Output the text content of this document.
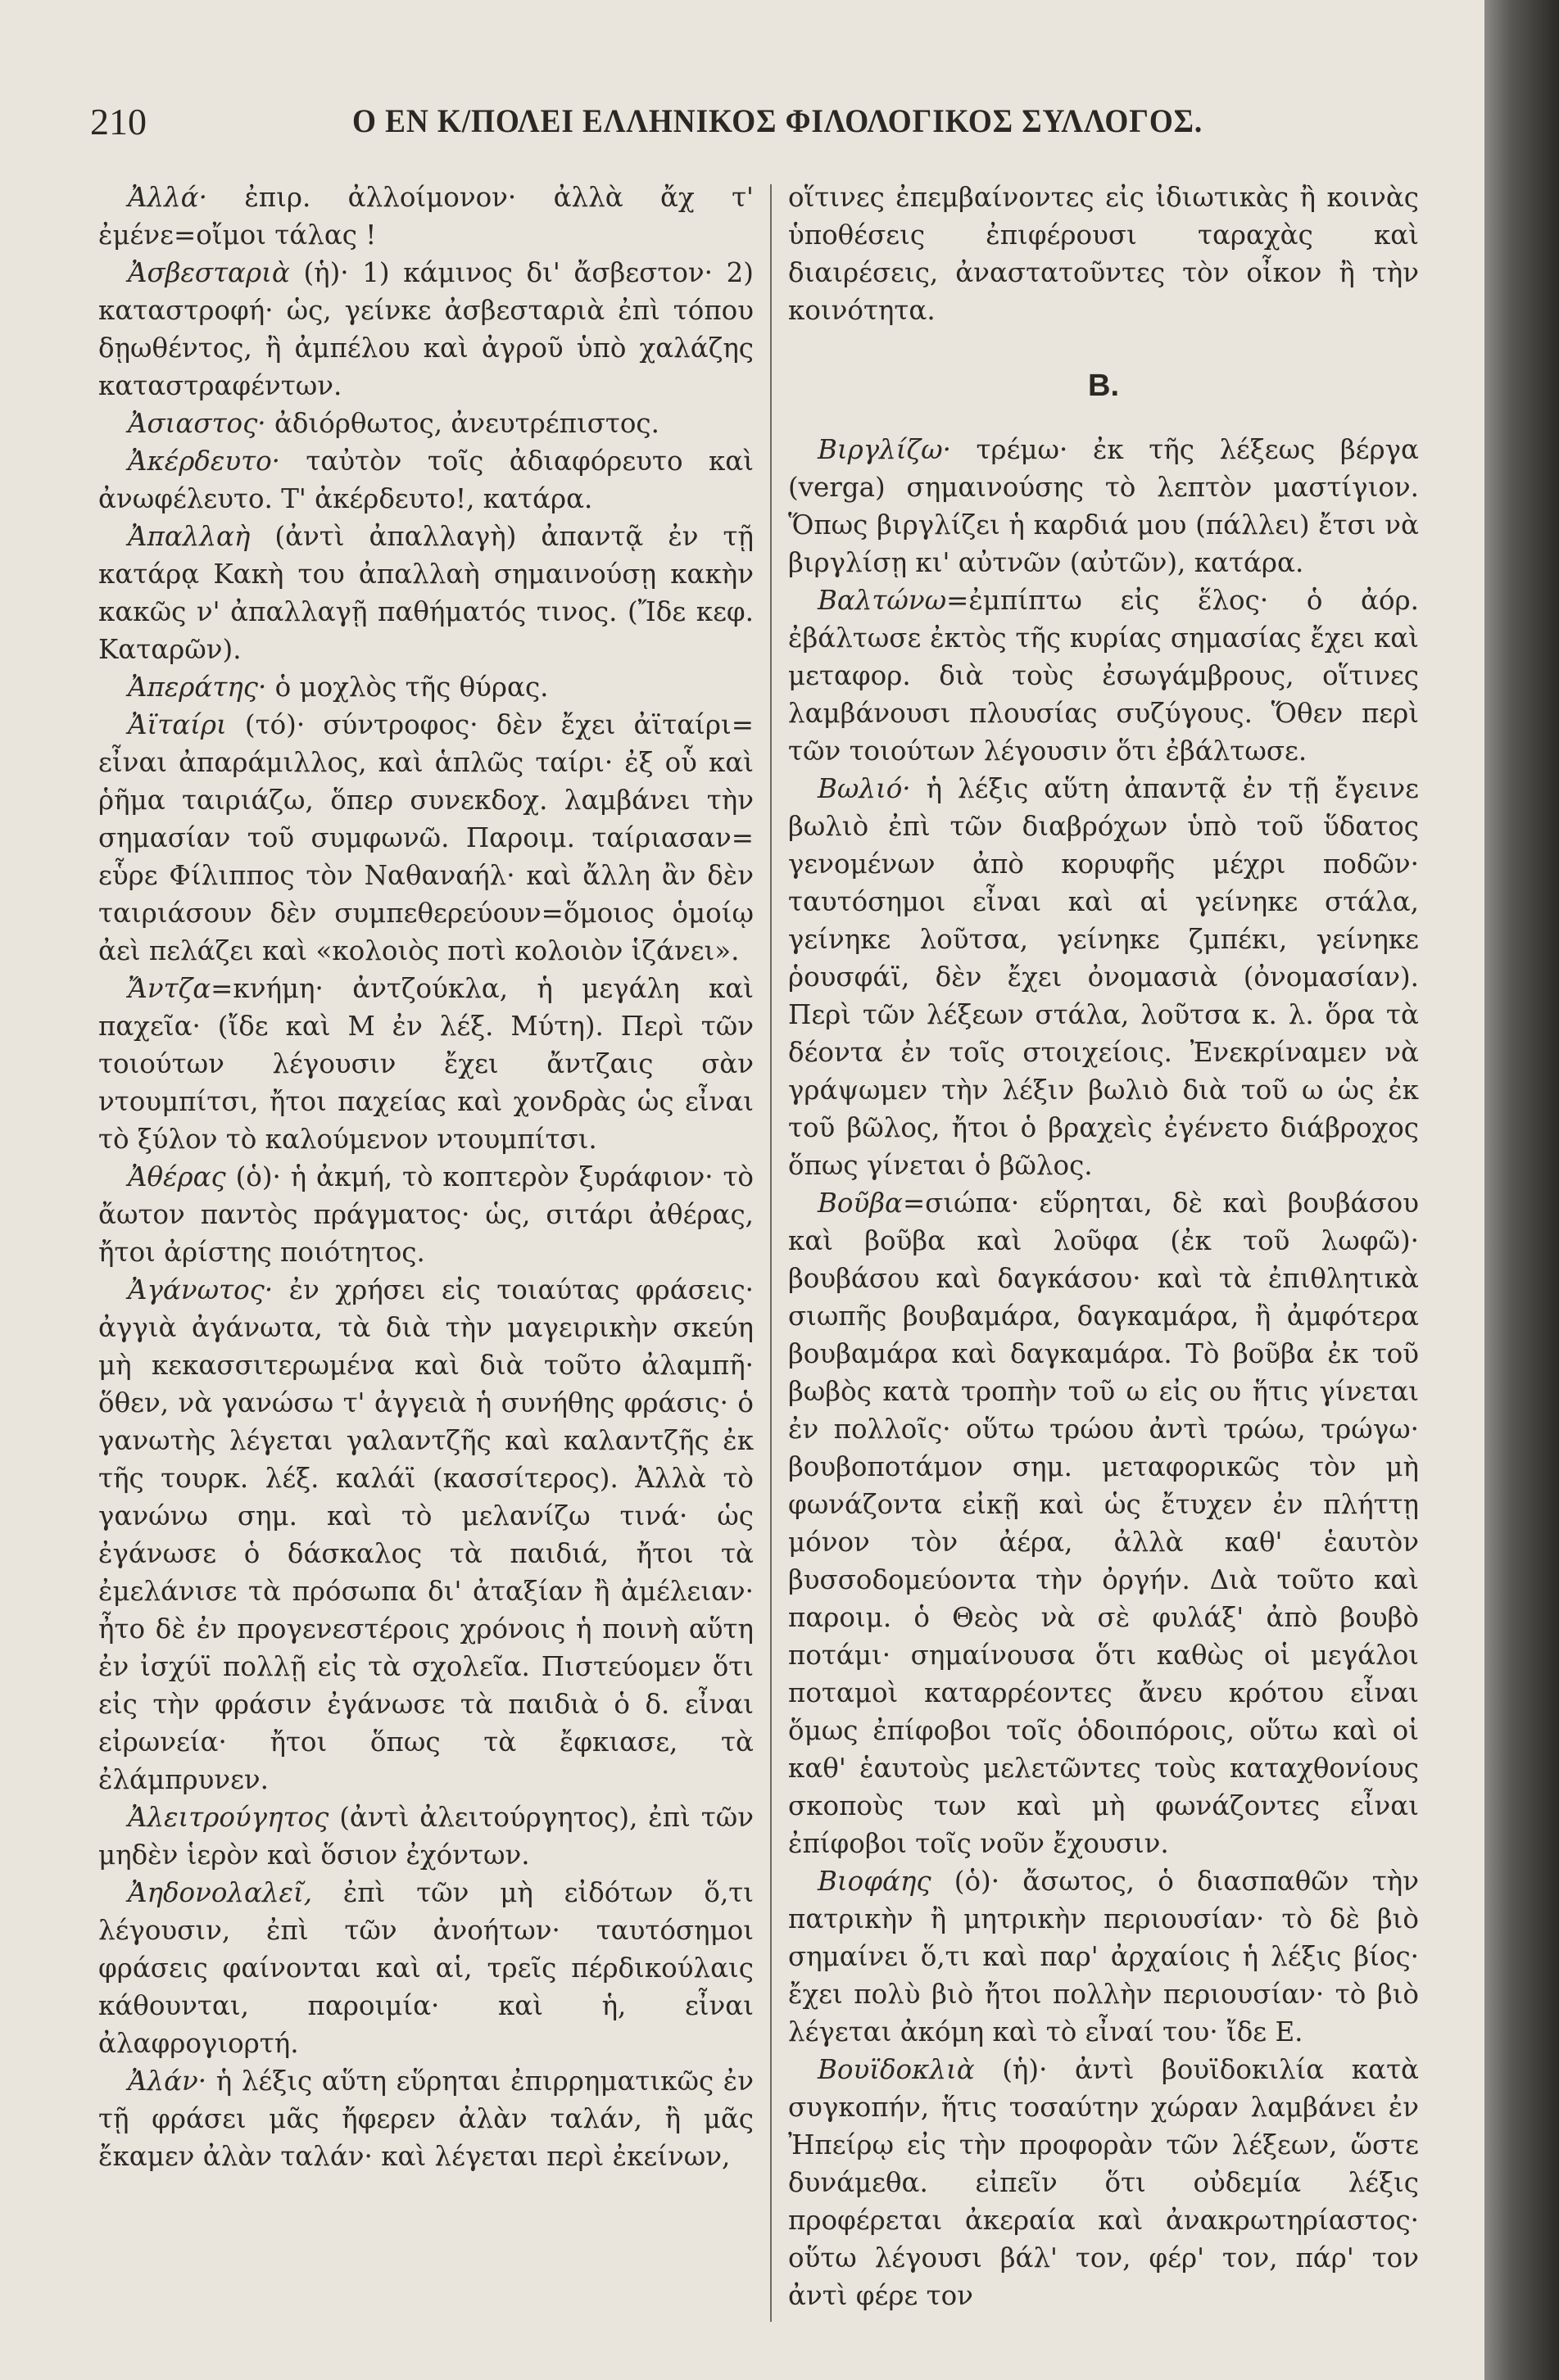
210	Ο ΕΝ Κ/ΠΟΛΕΙ ΕΛΛΗΝΙΚΟΣ ΦΙΛΟΛΟΓΙΚΟΣ ΣΥΛΛΟΓΟΣ.

Ἀλλά· ἐπιρ. ἀλλοίμονον· ἀλλὰ ἄχ τ' ἐμένε=οἴμοι τάλας !

Ἀσβεσταριὰ (ἡ)· 1) κάμινος δι' ἄσβεστον· 2) καταστροφή· ὡς, γείνκε ἀσβεσταριὰ ἐπὶ τόπου δῃωθέντος, ἢ ἀμπέλου καὶ ἀγροῦ ὑπὸ χαλάζης καταστραφέντων.

Ἀσιαστος· ἀδιόρθωτος, ἀνευτρέπιστος.

Ἀκέρδευτο· ταὐτὸν τοῖς ἀδιαφόρευτο καὶ ἀνωφέλευτο. Τ' ἀκέρδευτο!, κατάρα.

Ἀπαλλαὴ (ἀντὶ ἀπαλλαγὴ) ἀπαντᾷ ἐν τῇ κατάρᾳ Κακὴ του ἀπαλλαὴ σημαινούσῃ κακὴν κακῶς ν' ἀπαλλαγῇ παθήματός τινος. (Ἴδε κεφ. Καταρῶν).

Ἀπεράτης· ὁ μοχλὸς τῆς θύρας.

Ἀϊταίρι (τό)· σύντροφος· δὲν ἔχει ἀϊταίρι= εἶναι ἀπαράμιλλος, καὶ ἁπλῶς ταίρι· ἐξ οὗ καὶ ῥῆμα ταιριάζω, ὅπερ συνεκδοχ. λαμβάνει τὴν σημασίαν τοῦ συμφωνῶ. Παροιμ. ταίριασαν= εὗρε Φίλιππος τὸν Ναθαναήλ· καὶ ἄλλη ἂν δὲν ταιριάσουν δὲν συμπεθερεύουν=ὅμοιος ὁμοίῳ ἀεὶ πελάζει καὶ «κολοιὸς ποτὶ κολοιὸν ἱζάνει».

Ἄντζα=κνήμη· ἀντζούκλα, ἡ μεγάλη καὶ παχεῖα· (ἴδε καὶ Μ ἐν λέξ. Μύτη). Περὶ τῶν τοιούτων λέγουσιν ἔχει ἄντζαις σὰν ντουμπίτσι, ἤτοι παχείας καὶ χονδρὰς ὡς εἶναι τὸ ξύλον τὸ καλούμενον ντουμπίτσι.

Ἀθέρας (ὁ)· ἡ ἀκμή, τὸ κοπτερὸν ξυράφιον· τὸ ἄωτον παντὸς πράγματος· ὡς, σιτάρι ἀθέρας, ἤτοι ἀρίστης ποιότητος.

Ἀγάνωτος· ἐν χρήσει εἰς τοιαύτας φράσεις· ἀγγιὰ ἀγάνωτα, τὰ διὰ τὴν μαγειρικὴν σκεύη μὴ κεκασσιτερωμένα καὶ διὰ τοῦτο ἀλαμπῆ· ὅθεν, νὰ γανώσω τ' ἀγγειὰ ἡ συνήθης φράσις· ὁ γανωτὴς λέγεται γαλαντζῆς καὶ καλαντζῆς ἐκ τῆς τουρκ. λέξ. καλάϊ (κασσίτερος). Ἀλλὰ τὸ γανώνω σημ. καὶ τὸ μελανίζω τινά· ὡς ἐγάνωσε ὁ δάσκαλος τὰ παιδιά, ἤτοι τὰ ἐμελάνισε τὰ πρόσωπα δι' ἀταξίαν ἢ ἀμέλειαν· ἦτο δὲ ἐν προγενεστέροις χρόνοις ἡ ποινὴ αὕτη ἐν ἰσχύϊ πολλῇ εἰς τὰ σχολεῖα. Πιστεύομεν ὅτι εἰς τὴν φράσιν ἐγάνωσε τὰ παιδιὰ ὁ δ. εἶναι εἰρωνεία· ἤτοι ὅπως τὰ ἔφκιασε, τὰ ἐλάμπρυνεν.

Ἀλειτρούγητος (ἀντὶ ἀλειτούργητος), ἐπὶ τῶν μηδὲν ἱερὸν καὶ ὅσιον ἐχόντων.

Ἀηδονολαλεῖ, ἐπὶ τῶν μὴ εἰδότων ὅ,τι λέγουσιν, ἐπὶ τῶν ἀνοήτων· ταυτόσημοι φράσεις φαίνονται καὶ αἱ, τρεῖς πέρδικούλαις κάθουνται, παροιμία· καὶ ἡ, εἶναι ἀλαφρογιορτή.

Ἀλάν· ἡ λέξις αὕτη εὕρηται ἐπιρρηματικῶς ἐν τῇ φράσει μᾶς ἤφερεν ἀλὰν ταλάν, ἢ μᾶς ἔκαμεν ἀλὰν ταλάν· καὶ λέγεται περὶ ἐκείνων,

οἵτινες ἐπεμβαίνοντες εἰς ἰδιωτικὰς ἢ κοινὰς ὑποθέσεις ἐπιφέρουσι ταραχὰς καὶ διαιρέσεις, ἀναστατοῦντες τὸν οἶκον ἢ τὴν κοινότητα.

Β.

Βιργλίζω· τρέμω· ἐκ τῆς λέξεως βέργα (verga) σημαινούσης τὸ λεπτὸν μαστίγιον. Ὅπως βιργλίζει ἡ καρδιά μου (πάλλει) ἔτσι νὰ βιργλίσῃ κι' αὐτνῶν (αὐτῶν), κατάρα.

Βαλτώνω=ἐμπίπτω εἰς ἕλος· ὁ ἀόρ. ἐβάλτωσε ἐκτὸς τῆς κυρίας σημασίας ἔχει καὶ μεταφορ. διὰ τοὺς ἐσωγάμβρους, οἵτινες λαμβάνουσι πλουσίας συζύγους. Ὅθεν περὶ τῶν τοιούτων λέγουσιν ὅτι ἐβάλτωσε.

Βωλιό· ἡ λέξις αὕτη ἀπαντᾷ ἐν τῇ ἔγεινε βωλιὸ ἐπὶ τῶν διαβρόχων ὑπὸ τοῦ ὕδατος γενομένων ἀπὸ κορυφῆς μέχρι ποδῶν· ταυτόσημοι εἶναι καὶ αἱ γείνηκε στάλα, γείνηκε λοῦτσα, γείνηκε ζμπέκι, γείνηκε ῥουσφάϊ, δὲν ἔχει ὀνομασιὰ (ὀνομασίαν). Περὶ τῶν λέξεων στάλα, λοῦτσα κ. λ. ὅρα τὰ δέοντα ἐν τοῖς στοιχείοις. Ἐνεκρίναμεν νὰ γράψωμεν τὴν λέξιν βωλιὸ διὰ τοῦ ω ὡς ἐκ τοῦ βῶλος, ἤτοι ὁ βραχεὶς ἐγένετο διάβροχος ὅπως γίνεται ὁ βῶλος.

Βοῦβα=σιώπα· εὕρηται, δὲ καὶ βουβάσου καὶ βοῦβα καὶ λοῦφα (ἐκ τοῦ λωφῶ)· βουβάσου καὶ δαγκάσου· καὶ τὰ ἐπιθλητικὰ σιωπῆς βουβαμάρα, δαγκαμάρα, ἢ ἀμφότερα βουβαμάρα καὶ δαγκαμάρα. Τὸ βοῦβα ἐκ τοῦ βωβὸς κατὰ τροπὴν τοῦ ω εἰς ου ἥτις γίνεται ἐν πολλοῖς· οὕτω τρώου ἀντὶ τρώω, τρώγω· βουβοποτάμον σημ. μεταφορικῶς τὸν μὴ φωνάζοντα εἰκῇ καὶ ὡς ἔτυχεν ἐν πλήττῃ μόνον τὸν ἀέρα, ἀλλὰ καθ' ἑαυτὸν βυσσοδομεύοντα τὴν ὀργήν. Διὰ τοῦτο καὶ παροιμ. ὁ Θεὸς νὰ σὲ φυλάξ' ἀπὸ βουβὸ ποτάμι· σημαίνουσα ὅτι καθὼς οἱ μεγάλοι ποταμοὶ καταρρέοντες ἄνευ κρότου εἶναι ὅμως ἐπίφοβοι τοῖς ὁδοιπόροις, οὕτω καὶ οἱ καθ' ἑαυτοὺς μελετῶντες τοὺς καταχθονίους σκοποὺς των καὶ μὴ φωνάζοντες εἶναι ἐπίφοβοι τοῖς νοῦν ἔχουσιν.

Βιοφάης (ὁ)· ἄσωτος, ὁ διασπαθῶν τὴν πατρικὴν ἢ μητρικὴν περιουσίαν· τὸ δὲ βιὸ σημαίνει ὅ,τι καὶ παρ' ἀρχαίοις ἡ λέξις βίος· ἔχει πολὺ βιὸ ἤτοι πολλὴν περιουσίαν· τὸ βιὸ λέγεται ἀκόμη καὶ τὸ εἶναί του· ἴδε Ε.

Βουϊδοκλιὰ (ἡ)· ἀντὶ βουϊδοκιλία κατὰ συγκοπήν, ἥτις τοσαύτην χώραν λαμβάνει ἐν Ἠπείρῳ εἰς τὴν προφορὰν τῶν λέξεων, ὥστε δυνάμεθα. εἰπεῖν ὅτι οὐδεμία λέξις προφέρεται ἀκεραία καὶ ἀνακρωτηρίαστος· οὕτω λέγουσι βάλ' τον, φέρ' τον, πάρ' τον ἀντὶ φέρε τον
